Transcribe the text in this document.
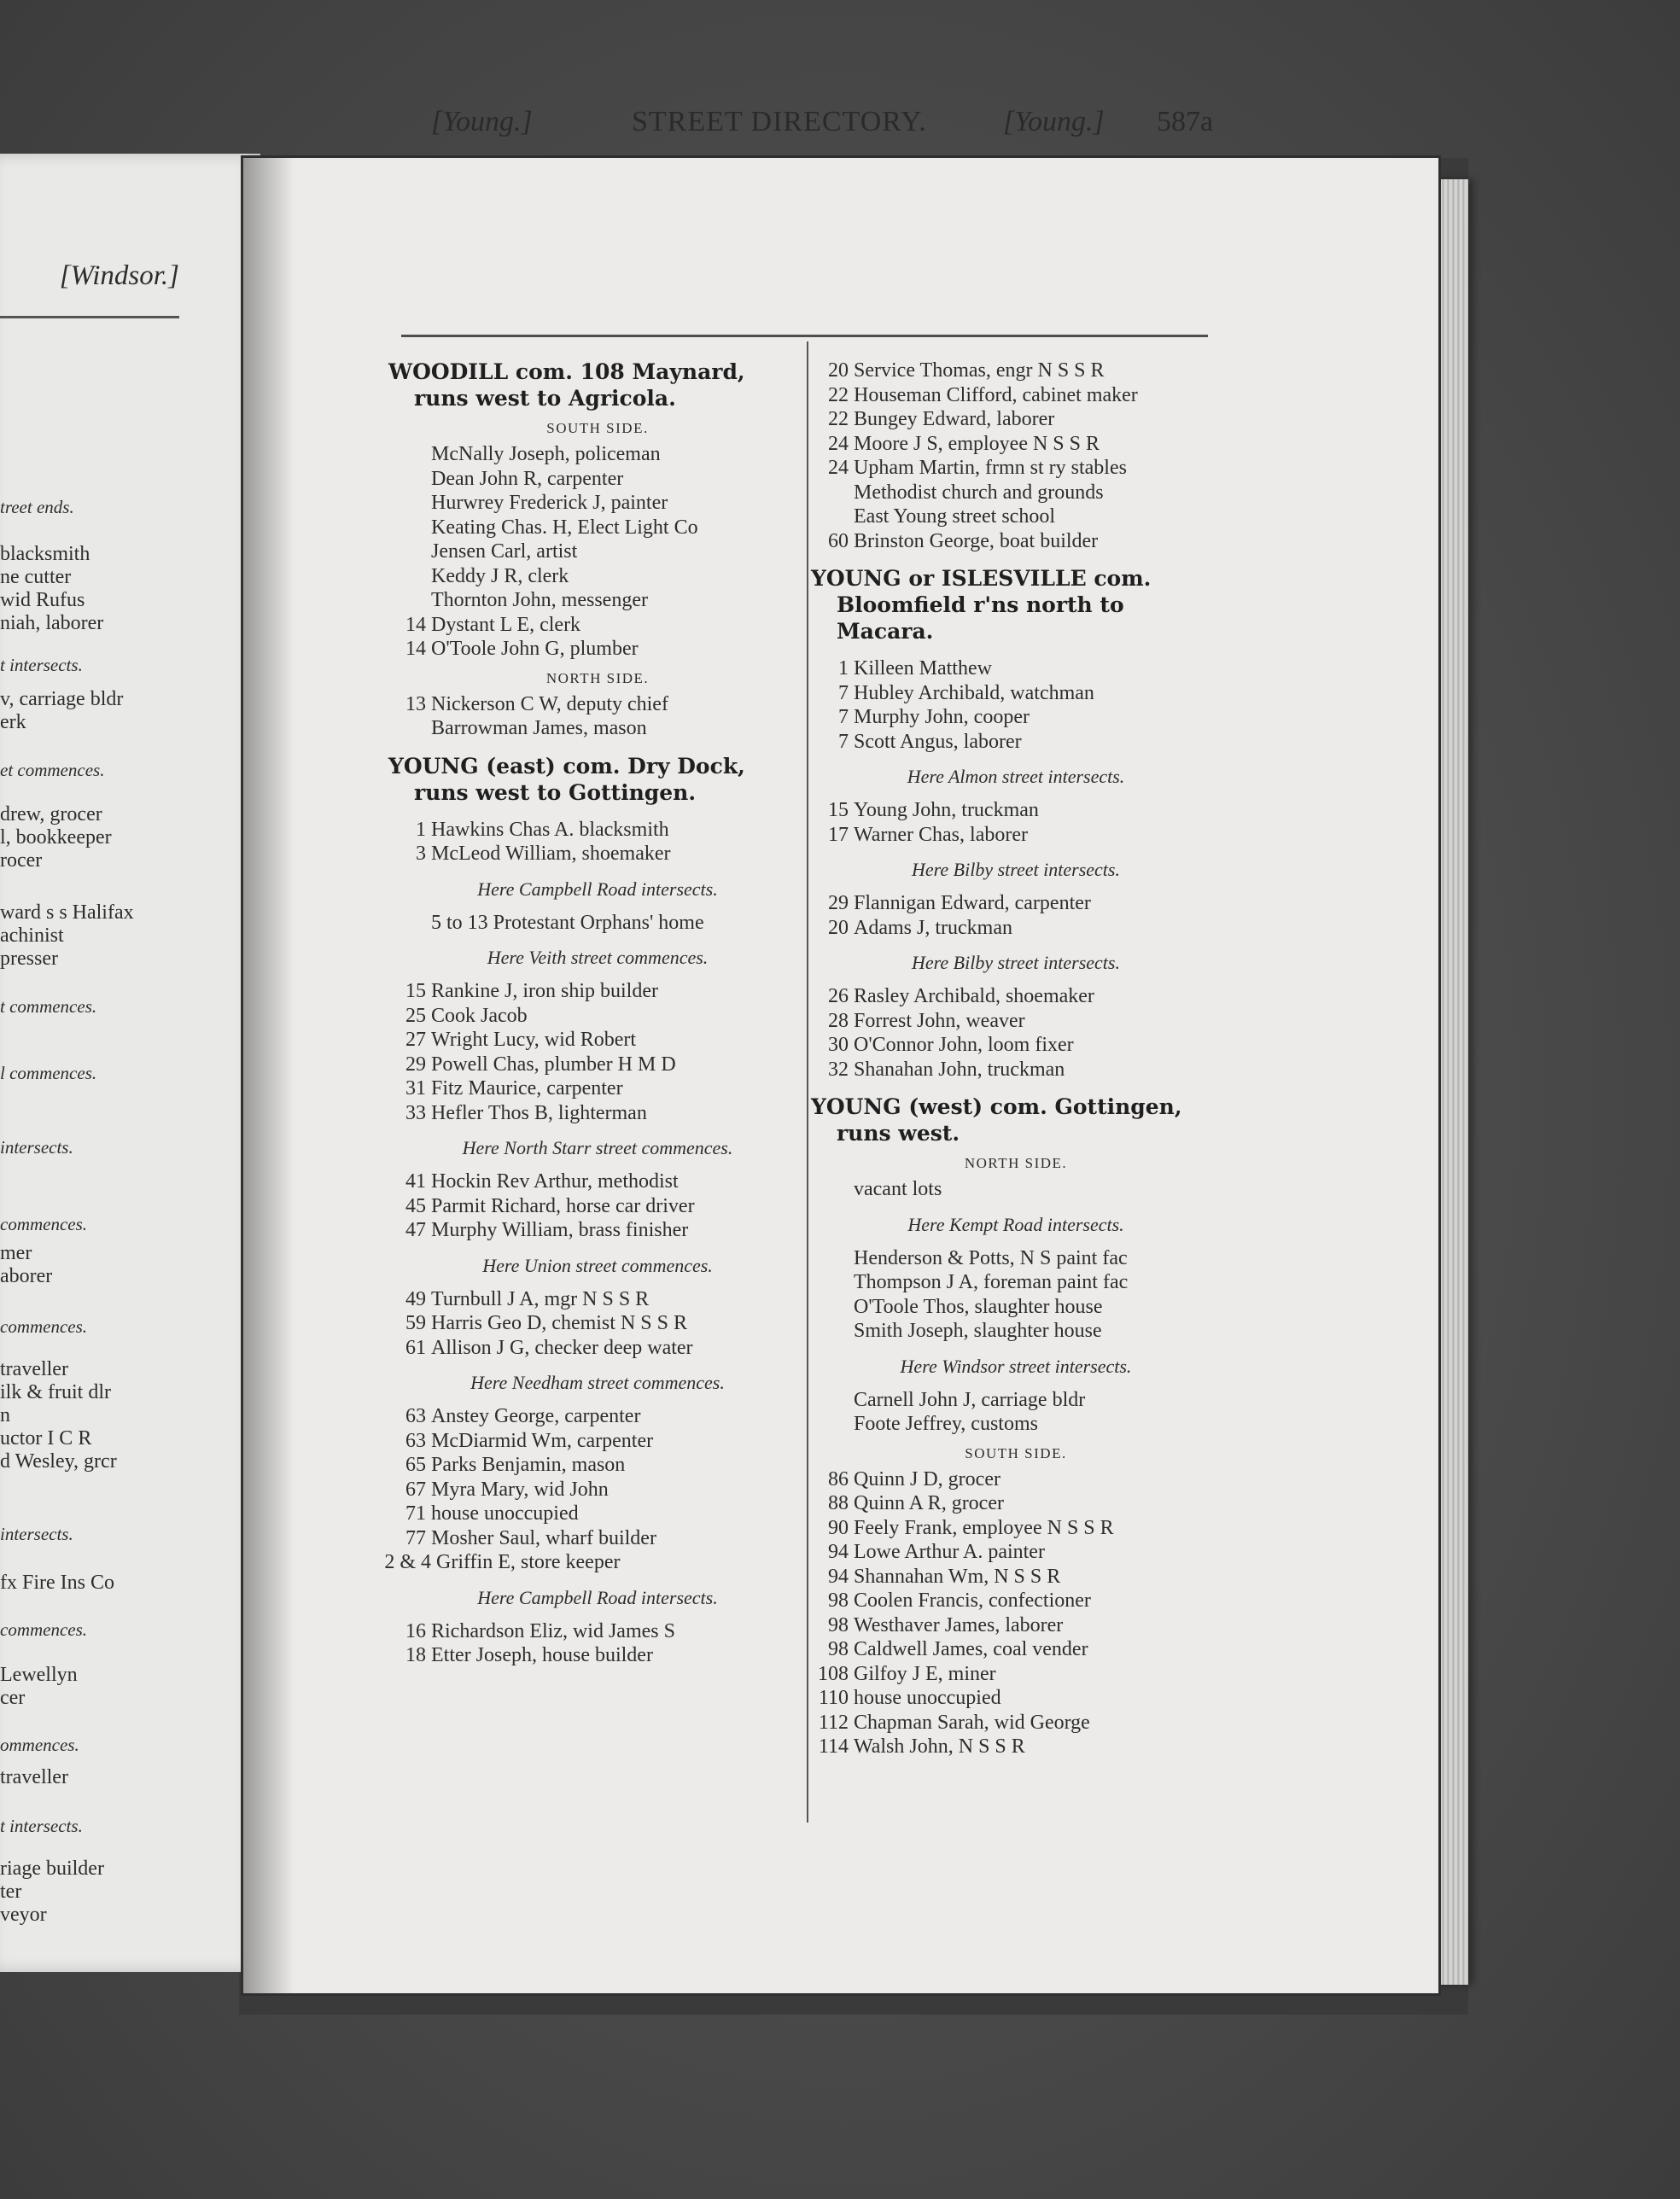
[Windsor.]
treet ends.
blacksmith
ne cutter
wid Rufus
niah, laborer
t intersects.
v, carriage bldr
erk
et commences.
drew, grocer
l, bookkeeper
rocer
ward s s Halifax
achinist
presser
t commences.
l commences.
intersects.
commences.
mer
aborer
commences.
traveller
ilk & fruit dlr
n
uctor I C R
d Wesley, grcr
intersects.
fx Fire Ins Co
commences.
Lewellyn
cer
ommences.
traveller
t intersects.
riage builder
ter
veyor
[Young.]	STREET DIRECTORY.	[Young.] 587a
WOODILL com. 108 Maynard,
runs west to Agricola.
SOUTH SIDE.
McNally Joseph, policeman
Dean John R, carpenter
Hurwrey Frederick J, painter
Keating Chas. H, Elect Light Co
Jensen Carl, artist
Keddy J R, clerk
Thornton John, messenger
14 Dystant L E, clerk
14 O'Toole John G, plumber
NORTH SIDE.
13 Nickerson C W, deputy chief
Barrowman James, mason
YOUNG (east) com. Dry Dock,
runs west to Gottingen.
1 Hawkins Chas A. blacksmith
3 McLeod William, shoemaker
Here Campbell Road intersects.
5 to 13 Protestant Orphans' home
Here Veith street commences.
15 Rankine J, iron ship builder
25 Cook Jacob
27 Wright Lucy, wid Robert
29 Powell Chas, plumber H M D
31 Fitz Maurice, carpenter
33 Hefler Thos B, lighterman
Here North Starr street commences.
41 Hockin Rev Arthur, methodist
45 Parmit Richard, horse car driver
47 Murphy William, brass finisher
Here Union street commences.
49 Turnbull J A, mgr N S S R
59 Harris Geo D, chemist N S S R
61 Allison J G, checker deep water
Here Needham street commences.
63 Anstey George, carpenter
63 McDiarmid Wm, carpenter
65 Parks Benjamin, mason
67 Myra Mary, wid John
71 house unoccupied
77 Mosher Saul, wharf builder
2 & 4 Griffin E, store keeper
Here Campbell Road intersects.
16 Richardson Eliz, wid James S
18 Etter Joseph, house builder
20 Service Thomas, engr N S S R
22 Houseman Clifford, cabinet maker
22 Bungey Edward, laborer
24 Moore J S, employee N S S R
24 Upham Martin, frmn st ry stables
Methodist church and grounds
East Young street school
60 Brinston George, boat builder
YOUNG or ISLESVILLE com.
Bloomfield r'ns north to Macara.
1 Killeen Matthew
7 Hubley Archibald, watchman
7 Murphy John, cooper
7 Scott Angus, laborer
Here Almon street intersects.
15 Young John, truckman
17 Warner Chas, laborer
Here Bilby street intersects.
29 Flannigan Edward, carpenter
20 Adams J, truckman
Here Bilby street intersects.
26 Rasley Archibald, shoemaker
28 Forrest John, weaver
30 O'Connor John, loom fixer
32 Shanahan John, truckman
YOUNG (west) com. Gottingen,
runs west.
NORTH SIDE.
vacant lots
Here Kempt Road intersects.
Henderson & Potts, N S paint fac
Thompson J A, foreman paint fac
O'Toole Thos, slaughter house
Smith Joseph, slaughter house
Here Windsor street intersects.
Carnell John J, carriage bldr
Foote Jeffrey, customs
SOUTH SIDE.
86 Quinn J D, grocer
88 Quinn A R, grocer
90 Feely Frank, employee N S S R
94 Lowe Arthur A. painter
94 Shannahan Wm, N S S R
98 Coolen Francis, confectioner
98 Westhaver James, laborer
98 Caldwell James, coal vender
108 Gilfoy J E, miner
110 house unoccupied
112 Chapman Sarah, wid George
114 Walsh John, N S S R
